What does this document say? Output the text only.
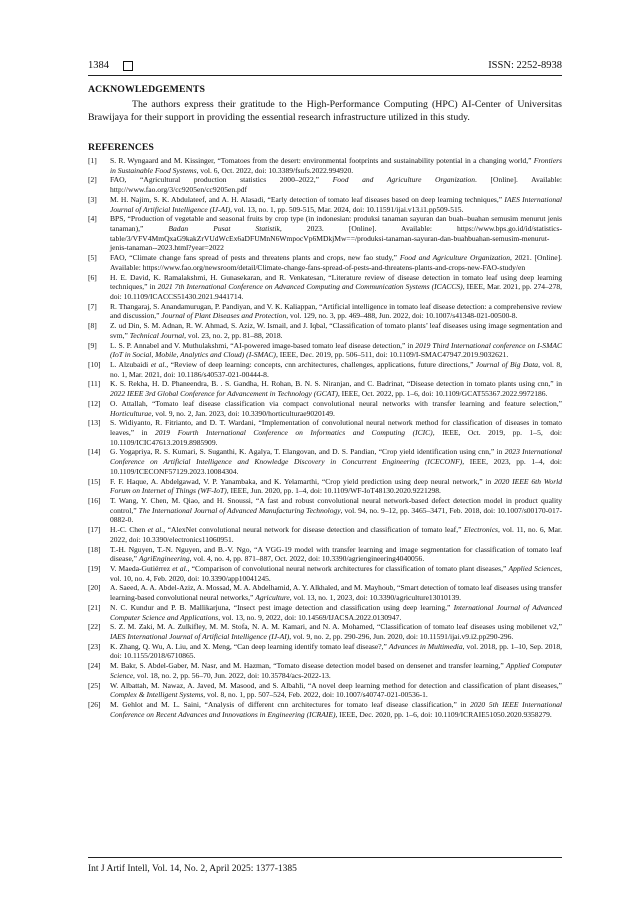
1384	ISSN: 2252-8938
ACKNOWLEDGEMENTS
The authors express their gratitude to the High-Performance Computing (HPC) AI-Center of Universitas Brawijaya for their support in providing the essential research infrastructure utilized in this study.
REFERENCES
[1]	S. R. Wyngaard and M. Kissinger, “Tomatoes from the desert: environmental footprints and sustainability potential in a changing world,” Frontiers in Sustainable Food Systems, vol. 6, Oct. 2022, doi: 10.3389/fsufs.2022.994920.
[2]	FAO, “Agricultural production statistics 2000–2022,” Food and Agriculture Organization. [Online]. Available: http://www.fao.org/3/cc9205en/cc9205en.pdf
[3]	M. H. Najim, S. K. Abdulateef, and A. H. Alasadi, “Early detection of tomato leaf diseases based on deep learning techniques,” IAES International Journal of Artificial Intelligence (IJ-AI), vol. 13, no. 1, pp. 509-515, Mar. 2024, doi: 10.11591/ijai.v13.i1.pp509-515.
[4]	BPS, “Production of vegetable and seasonal fruits by crop type (in indonesian: produksi tanaman sayuran dan buah–buahan semusim menurut jenis tanaman),” Badan Pusat Statistik, 2023. [Online]. Available: https://www.bps.go.id/id/statistics-table/3/VFV4MmQxaG9kakZrVUdWcEx6aDFUMnN6WmpocVp6MDkjMw==/produksi-tanaman-sayuran-dan-buahbuahan-semusim-menurut-jenis-tanaman--2023.html?year=2022
[5]	FAO, “Climate change fans spread of pests and threatens plants and crops, new fao study,” Food and Agriculture Organization, 2021. [Online]. Available: https://www.fao.org/newsroom/detail/Climate-change-fans-spread-of-pests-and-threatens-plants-and-crops-new-FAO-study/en
[6]	H. E. David, K. Ramalakshmi, H. Gunasekaran, and R. Venkatesan, “Literature review of disease detection in tomato leaf using deep learning techniques,” in 2021 7th International Conference on Advanced Computing and Communication Systems (ICACCS), IEEE, Mar. 2021, pp. 274–278, doi: 10.1109/ICACCS51430.2021.9441714.
[7]	R. Thangaraj, S. Anandamurugan, P. Pandiyan, and V. K. Kaliappan, “Artificial intelligence in tomato leaf disease detection: a comprehensive review and discussion,” Journal of Plant Diseases and Protection, vol. 129, no. 3, pp. 469–488, Jun. 2022, doi: 10.1007/s41348-021-00500-8.
[8]	Z. ud Din, S. M. Adnan, R. W. Ahmad, S. Aziz, W. Ismail, and J. Iqbal, “Classification of tomato plants’ leaf diseases using image segmentation and svm,” Technical Journal, vol. 23, no. 2, pp. 81–88, 2018.
[9]	L. S. P. Annabel and V. Muthulakshmi, “AI-powered image-based tomato leaf disease detection,” in 2019 Third International conference on I-SMAC (IoT in Social, Mobile, Analytics and Cloud) (I-SMAC), IEEE, Dec. 2019, pp. 506–511, doi: 10.1109/I-SMAC47947.2019.9032621.
[10]	L. Alzubaidi et al., “Review of deep learning: concepts, cnn architectures, challenges, applications, future directions,” Journal of Big Data, vol. 8, no. 1, Mar. 2021, doi: 10.1186/s40537-021-00444-8.
[11]	K. S. Rekha, H. D. Phaneendra, B. . S. Gandha, H. Rohan, B. N. S. Niranjan, and C. Badrinat, “Disease detection in tomato plants using cnn,” in 2022 IEEE 3rd Global Conference for Advancement in Technology (GCAT), IEEE, Oct. 2022, pp. 1–6, doi: 10.1109/GCAT55367.2022.9972186.
[12]	O. Attallah, “Tomato leaf disease classification via compact convolutional neural networks with transfer learning and feature selection,” Horticulturae, vol. 9, no. 2, Jan. 2023, doi: 10.3390/horticulturae9020149.
[13]	S. Widiyanto, R. Fitrianto, and D. T. Wardani, “Implementation of convolutional neural network method for classification of diseases in tomato leaves,” in 2019 Fourth International Conference on Informatics and Computing (ICIC), IEEE, Oct. 2019, pp. 1–5, doi: 10.1109/ICIC47613.2019.8985909.
[14]	G. Yogapriya, R. S. Kumari, S. Suganthi, K. Agalya, T. Elangovan, and D. S. Pandian, “Crop yield identification using cnn,” in 2023 International Conference on Artificial Intelligence and Knowledge Discovery in Concurrent Engineering (ICECONF), IEEE, 2023, pp. 1–4, doi: 10.1109/ICECONF57129.2023.10084304.
[15]	F. F. Haque, A. Abdelgawad, V. P. Yanambaka, and K. Yelamarthi, “Crop yield prediction using deep neural network,” in 2020 IEEE 6th World Forum on Internet of Things (WF-IoT), IEEE, Jun. 2020, pp. 1–4, doi: 10.1109/WF-IoT48130.2020.9221298.
[16]	T. Wang, Y. Chen, M. Qiao, and H. Snoussi, “A fast and robust convolutional neural network-based defect detection model in product quality control,” The International Journal of Advanced Manufacturing Technology, vol. 94, no. 9–12, pp. 3465–3471, Feb. 2018, doi: 10.1007/s00170-017-0882-0.
[17]	H.-C. Chen et al., “AlexNet convolutional neural network for disease detection and classification of tomato leaf,” Electronics, vol. 11, no. 6, Mar. 2022, doi: 10.3390/electronics11060951.
[18]	T.-H. Nguyen, T.-N. Nguyen, and B.-V. Ngo, “A VGG-19 model with transfer learning and image segmentation for classification of tomato leaf disease,” AgriEngineering, vol. 4, no. 4, pp. 871–887, Oct. 2022, doi: 10.3390/agriengineering4040056.
[19]	V. Maeda-Gutiérrez et al., “Comparison of convolutional neural network architectures for classification of tomato plant diseases,” Applied Sciences, vol. 10, no. 4, Feb. 2020, doi: 10.3390/app10041245.
[20]	A. Saeed, A. A. Abdel-Aziz, A. Mossad, M. A. Abdelhamid, A. Y. Alkhaled, and M. Mayhoub, “Smart detection of tomato leaf diseases using transfer learning-based convolutional neural networks,” Agriculture, vol. 13, no. 1, 2023, doi: 10.3390/agriculture13010139.
[21]	N. C. Kundur and P. B. Mallikarjuna, “Insect pest image detection and classification using deep learning,” International Journal of Advanced Computer Science and Applications, vol. 13, no. 9, 2022, doi: 10.14569/IJACSA.2022.0130947.
[22]	S. Z. M. Zaki, M. A. Zulkifley, M. M. Stofa, N. A. M. Kamari, and N. A. Mohamed, “Classification of tomato leaf diseases using mobilenet v2,” IAES International Journal of Artificial Intelligence (IJ-AI), vol. 9, no. 2, pp. 290-296, Jun. 2020, doi: 10.11591/ijai.v9.i2.pp290-296.
[23]	K. Zhang, Q. Wu, A. Liu, and X. Meng, “Can deep learning identify tomato leaf disease?,” Advances in Multimedia, vol. 2018, pp. 1–10, Sep. 2018, doi: 10.1155/2018/6710865.
[24]	M. Bakr, S. Abdel-Gaber, M. Nasr, and M. Hazman, “Tomato disease detection model based on densenet and transfer learning,” Applied Computer Science, vol. 18, no. 2, pp. 56–70, Jun. 2022, doi: 10.35784/acs-2022-13.
[25]	W. Albattah, M. Nawaz, A. Javed, M. Masood, and S. Albahli, “A novel deep learning method for detection and classification of plant diseases,” Complex & Intelligent Systems, vol. 8, no. 1, pp. 507–524, Feb. 2022, doi: 10.1007/s40747-021-00536-1.
[26]	M. Gehlot and M. L. Saini, “Analysis of different cnn architectures for tomato leaf disease classification,” in 2020 5th IEEE International Conference on Recent Advances and Innovations in Engineering (ICRAIE), IEEE, Dec. 2020, pp. 1–6, doi: 10.1109/ICRAIE51050.2020.9358279.
Int J Artif Intell, Vol. 14, No. 2, April 2025: 1377-1385
